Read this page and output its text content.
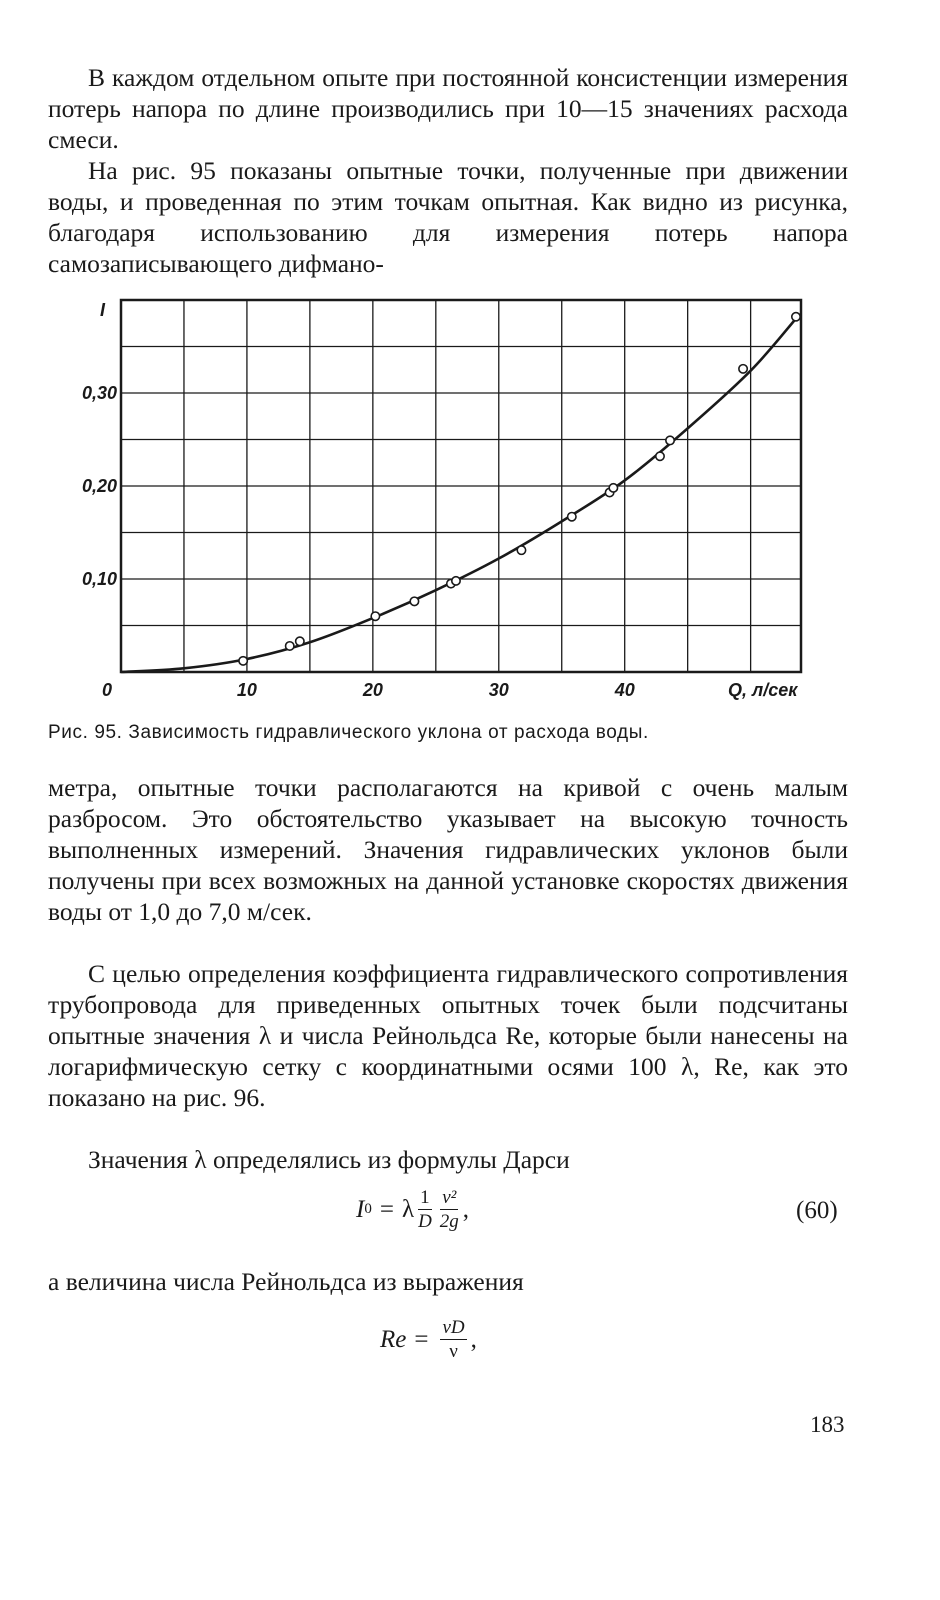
В каждом отдельном опыте при постоянной консистенции измерения потерь напора по длине производились при 10—15 значениях расхода смеси.

На рис. 95 показаны опытные точки, полученные при движении воды, и проведенная по этим точкам опытная. Как видно из рисунка, благодаря использованию для измерения потерь напора самозаписывающего дифмано-

10	20	30	40
0,10
0,20
0,30
I
0	Q, л/сек

Рис. 95. Зависимость гидравлического уклона от расхода воды.

метра, опытные точки располагаются на кривой с очень малым разбросом. Это обстоятельство указывает на высокую точность выполненных измерений. Значения гидравлических уклонов были получены при всех возможных на данной установке скоростях движения воды от 1,0 до 7,0 м/сек.

С целью определения коэффициента гидравлического сопротивления трубопровода для приведенных опытных точек были подсчитаны опытные значения λ и числа Рейнольдса Re, которые были нанесены на логарифмическую сетку с координатными осями 100 λ, Re, как это показано на рис. 96.

Значения λ определялись из формулы Дарси

I 0 = λ $\frac{1}{D} \frac{\text{v²}}{2g}$ ,	(60)

а величина числа Рейнольдса из выражения

$Re = \frac{vD}{\nu}$ ,
183
